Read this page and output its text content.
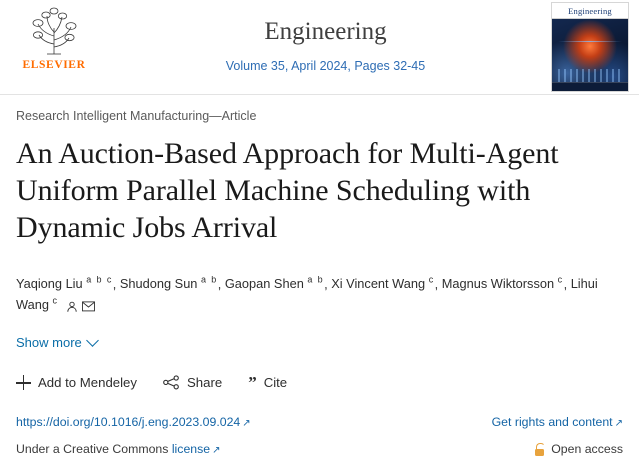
ELSEVIER
Engineering
Volume 35, April 2024, Pages 32-45
Engineering
Research Intelligent Manufacturing—Article
An Auction-Based Approach for Multi-Agent Uniform Parallel Machine Scheduling with Dynamic Jobs Arrival
Yaqiong Liu $^{a b c}$, Shudong Sun $^{a b}$, Gaopan Shen $^{a b}$, Xi Vincent Wang $^c$, Magnus Wiktorsson $^c$, Lihui Wang $^c$
Show more
Add to Mendeley	Share ” Cite
https://doi.org/10.1016/j.eng.2023.09.024 ↗	Get rights and content ↗
Under a Creative Commons license ↗	Open access
